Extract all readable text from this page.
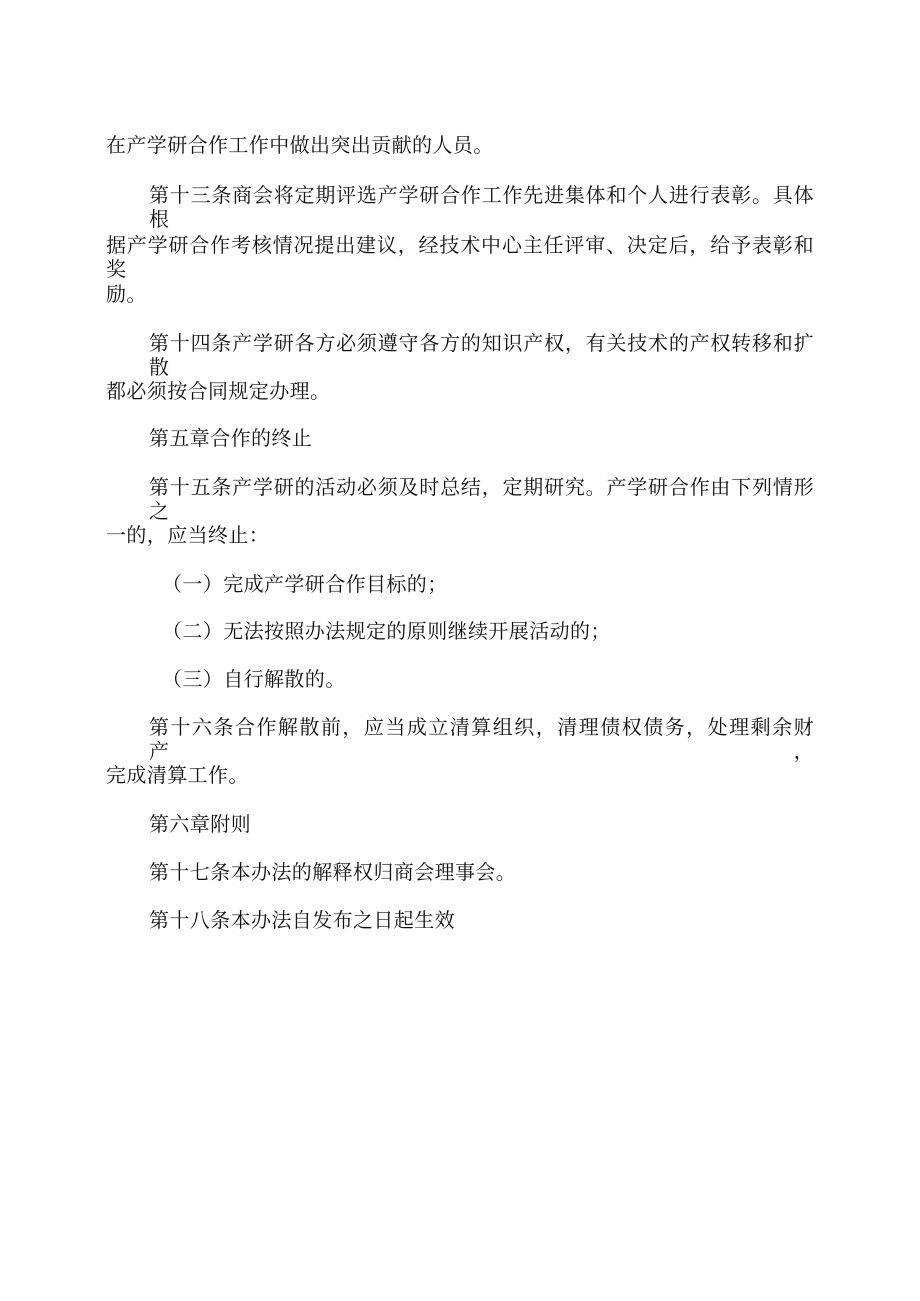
在产学研合作工作中做出突出贡献的人员。
第十三条商会将定期评选产学研合作工作先进集体和个人进行表彰。具体根
据产学研合作考核情况提出建议，经技术中心主任评审、决定后，给予表彰和奖
励。
第十四条产学研各方必须遵守各方的知识产权，有关技术的产权转移和扩散
都必须按合同规定办理。
第五章合作的终止
第十五条产学研的活动必须及时总结，定期研究。产学研合作由下列情形之
一的，应当终止：
（一）完成产学研合作目标的；
（二）无法按照办法规定的原则继续开展活动的；
（三）自行解散的。
第十六条合作解散前，应当成立清算组织，清理债权债务，处理剩余财产，
完成清算工作。
第六章附则
第十七条本办法的解释权归商会理事会。
第十八条本办法自发布之日起生效
